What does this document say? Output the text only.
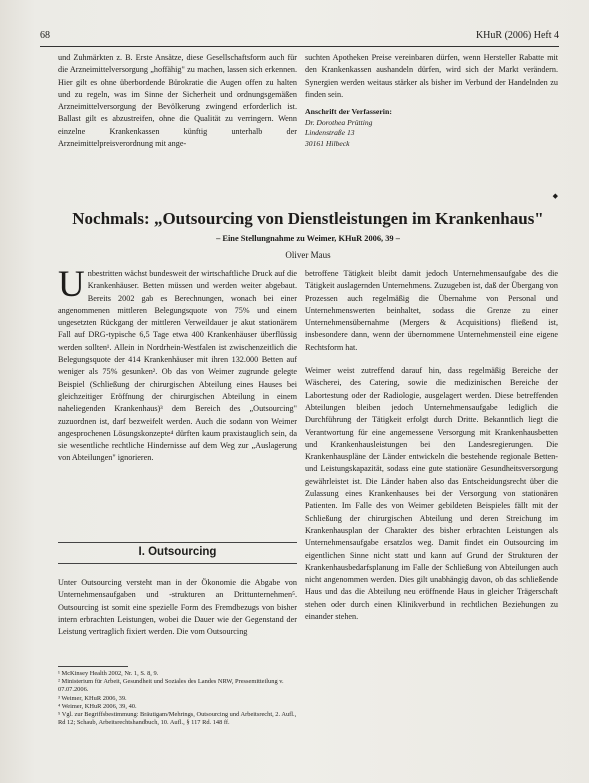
68	KHuR (2006) Heft 4

und Zuhmärkten z. B. Erste Ansätze, diese Gesellschaftsform auch für die Arzneimittelversorgung „hoffähig" zu machen, lassen sich erkennen. Hier gilt es ohne überbordende Bürokratie die Augen offen zu halten und zu regeln, was im Sinne der Sicherheit und ordnungsgemäßen Arzneimittelversorgung der Bevölkerung zwingend erforderlich ist. Ballast gilt es abzustreifen, ohne die Qualität zu verringern. Wenn einzelne Krankenkassen künftig unterhalb der Arzneimittelpreisverordnung mit ange-

suchten Apotheken Preise vereinbaren dürfen, wenn Hersteller Rabatte mit den Krankenkassen aushandeln dürfen, wird sich der Markt verändern. Synergien werden weitaus stärker als bisher im Verbund der Handelnden zu finden sein.

Anschrift der Verfasserin:
Dr. Dorothea Prütting
Lindenstraße 13
30161 Hilbeck
◆
Nochmals: „Outsourcing von Dienstleistungen im Krankenhaus"
– Eine Stellungnahme zu Weimer, KHuR 2006, 39 –
Oliver Maus

Unbestritten wächst bundesweit der wirtschaftliche Druck auf die Krankenhäuser. Betten müssen und werden weiter abgebaut. Bereits 2002 gab es Berechnungen, wonach bei einer angenommenen mittleren Belegungsquote von 75% und einem ungesetzten Rückgang der mittleren Verweildauer je akut stationärem Fall auf DRG-typische 6,5 Tage etwa 400 Krankenhäuser überflüssig werden sollten¹. Allein in Nordrhein-Westfalen ist zwischenzeitlich die Belegungsquote der 414 Krankenhäuser mit ihren 132.000 Betten auf weniger als 75% gesunken². Ob das von Weimer zugrunde gelegte Beispiel (Schließung der chirurgischen Abteilung eines Hauses bei gleichzeitiger Eröffnung der chirurgischen Abteilung in einem naheliegenden Krankenhaus)³ dem Bereich des „Outsourcing" zuzuordnen ist, darf bezweifelt werden. Auch die sodann von Weimer angesprochenen Lösungskonzepte⁴ dürften kaum praxistauglich sein, da sie wesentliche rechtliche Hindernisse auf dem Weg zur „Auslagerung von Abteilungen" ignorieren.

I. Outsourcing

Unter Outsourcing versteht man in der Ökonomie die Abgabe von Unternehmensaufgaben und -strukturen an Drittunternehmen⁵. Outsourcing ist somit eine spezielle Form des Fremdbezugs von bisher intern erbrachten Leistungen, wobei die Dauer wie der Gegenstand der Leistung vertraglich fixiert werden. Die vom Outsourcing

¹ McKinsey Health 2002, Nr. 1, S. 8, 9.
² Ministerium für Arbeit, Gesundheit und Soziales des Landes NRW, Pressemitteilung v. 07.07.2006.
³ Weimer, KHuR 2006, 39.
⁴ Weimer, KHuR 2006, 39, 40.
⁵ Vgl. zur Begriffsbestimmung: Bräutigam/Mehrings, Outsourcing und Arbeitsrecht, 2. Aufl., Rd 12; Schaub, Arbeitsrechtshandbuch, 10. Aufl., § 117 Rd. 148 ff.

betroffene Tätigkeit bleibt damit jedoch Unternehmensaufgabe des die Tätigkeit auslagernden Unternehmens. Zuzugeben ist, daß der Übergang von Prozessen auch regelmäßig die Übernahme von Personal und Unternehmenswerten beinhaltet, sodass die Grenze zu einer Unternehmensübernahme (Mergers & Acquisitions) fließend ist, insbesondere dann, wenn der übernommene Unternehmensteil eine eigene Rechtsform hat.

Weimer weist zutreffend darauf hin, dass regelmäßig Bereiche der Wäscherei, des Catering, sowie die medizinischen Bereiche der Labortestung oder der Radiologie, ausgelagert werden. Diese betreffenden Abteilungen bleiben jedoch Unternehmensaufgabe lediglich die Durchführung der Tätigkeit erfolgt durch Dritte. Bekanntlich liegt die Verantwortung für eine angemessene Versorgung mit Krankenhausbetten und Krankenhausleistungen bei den Landesregierungen. Die Krankenhauspläne der Länder entwickeln die bestehende regionale Betten- und Leistungskapazität, sodass eine gute stationäre Gesundheitsversorgung gewährleistet ist. Die Länder haben also das Entscheidungsrecht über die Zulassung eines Krankenhauses bei der Versorgung von stationären Patienten. Im Falle des von Weimer gebildeten Beispieles fällt mit der Schließung der chirurgischen Abteilung und deren Streichung im Krankenhausplan der Charakter des bisher erbrachten Leistungen als Unternehmensaufgabe ersatzlos weg. Damit findet ein Outsourcing im eigentlichen Sinne nicht statt und kann auf Grund der Strukturen der Krankenhausbedarfsplanung im Falle der Schließung von Abteilungen auch nicht angenommen werden. Dies gilt unabhängig davon, ob das schließende Haus und das die Abteilung neu eröffnende Haus in gleicher Trägerschaft stehen oder durch einen Klinikverbund in rechtlichen Beziehungen zu einander stehen.
